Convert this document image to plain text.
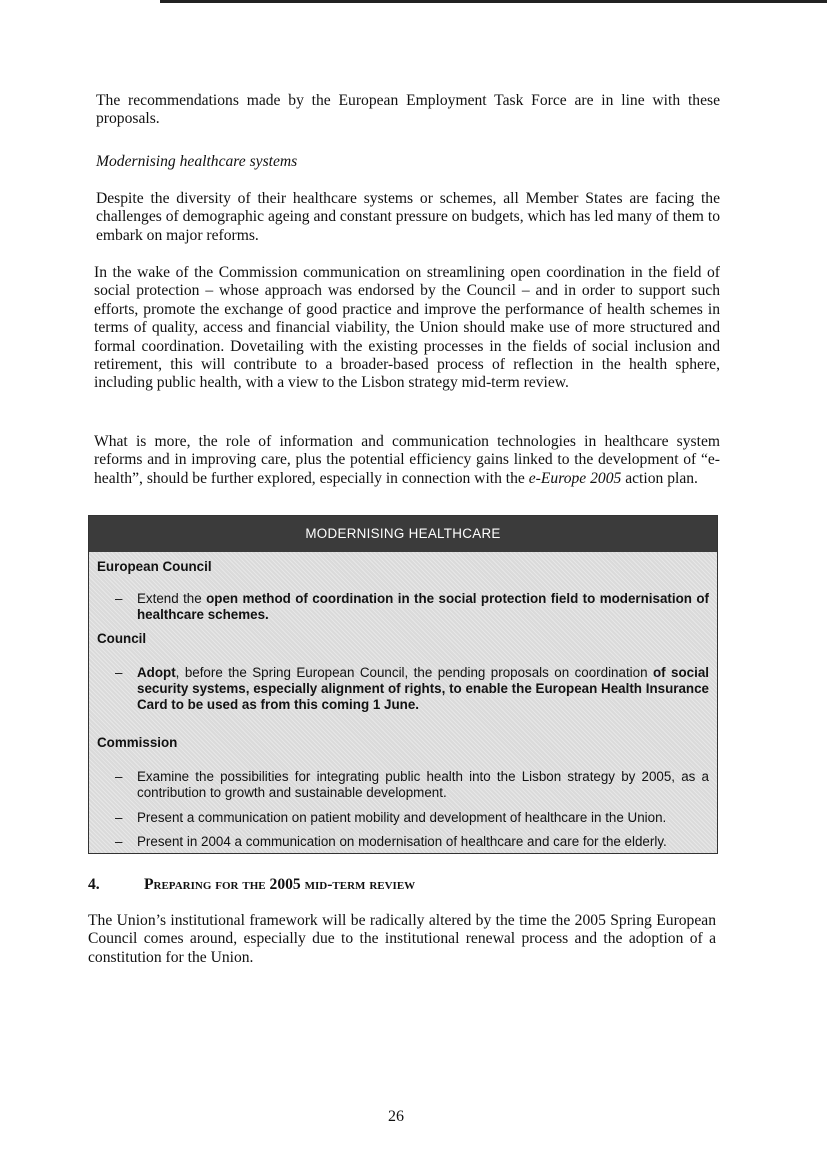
The recommendations made by the European Employment Task Force are in line with these proposals.

Modernising healthcare systems

Despite the diversity of their healthcare systems or schemes, all Member States are facing the challenges of demographic ageing and constant pressure on budgets, which has led many of them to embark on major reforms.

In the wake of the Commission communication on streamlining open coordination in the field of social protection – whose approach was endorsed by the Council – and in order to support such efforts, promote the exchange of good practice and improve the performance of health schemes in terms of quality, access and financial viability, the Union should make use of more structured and formal coordination. Dovetailing with the existing processes in the fields of social inclusion and retirement, this will contribute to a broader-based process of reflection in the health sphere, including public health, with a view to the Lisbon strategy mid-term review.

What is more, the role of information and communication technologies in healthcare system reforms and in improving care, plus the potential efficiency gains linked to the development of “e-health”, should be further explored, especially in connection with the e-Europe 2005 action plan.

MODERNISING HEALTHCARE
European Council
–	Extend the open method of coordination in the social protection field to modernisation of healthcare schemes.
Council
–	Adopt, before the Spring European Council, the pending proposals on coordination of social security systems, especially alignment of rights, to enable the European Health Insurance Card to be used as from this coming 1 June.
Commission
–	Examine the possibilities for integrating public health into the Lisbon strategy by 2005, as a contribution to growth and sustainable development.
–	Present a communication on patient mobility and development of healthcare in the Union.
–	Present in 2004 a communication on modernisation of healthcare and care for the elderly.

4.	Preparing for the 2005 mid-term review

The Union’s institutional framework will be radically altered by the time the 2005 Spring European Council comes around, especially due to the institutional renewal process and the adoption of a constitution for the Union.

26
